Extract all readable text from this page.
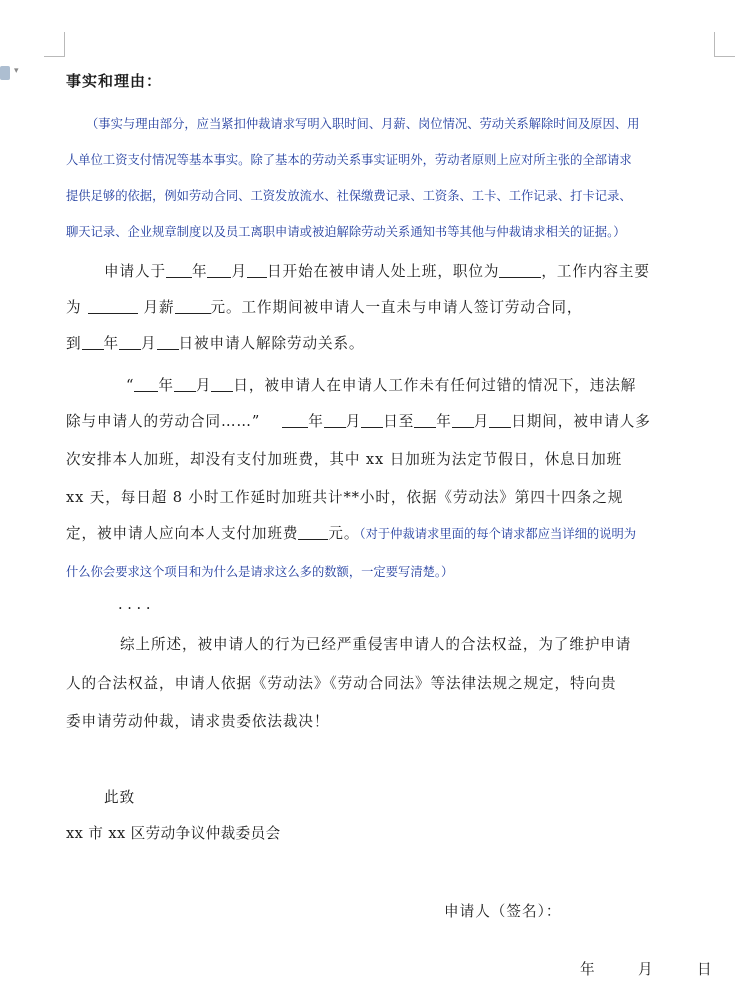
▾
事实和理由：
（事实与理由部分，应当紧扣仲裁请求写明入职时间、月薪、岗位情况、劳动关系解除时间及原因、用
人单位工资支付情况等基本事实。除了基本的劳动关系事实证明外，劳动者原则上应对所主张的全部请求
提供足够的依据，例如劳动合同、工资发放流水、社保缴费记录、工资条、工卡、工作记录、打卡记录、
聊天记录、企业规章制度以及员工离职申请或被迫解除劳动关系通知书等其他与仲裁请求相关的证据。）
申请人于 年 月 日开始在被申请人处上班，职位为	，工作内容主要
为	月薪 元。工作期间被申请人一直未与申请人签订劳动合同，
到 年 月 日被申请人解除劳动关系。
“ 年 月 日，被申请人在申请人工作未有任何过错的情况下，违法解
除与申请人的劳动合同……”	年 月 日至 年 月 日期间，被申请人多
次安排本人加班，却没有支付加班费，其中 xx 日加班为法定节假日，休息日加班
xx 天，每日超 8 小时工作延时加班共计**小时，依据《劳动法》第四十四条之规
定，被申请人应向本人支付加班费 元。（对于仲裁请求里面的每个请求都应当详细的说明为
什么你会要求这个项目和为什么是请求这么多的数额，一定要写清楚。）
· · · ·
综上所述，被申请人的行为已经严重侵害申请人的合法权益，为了维护申请
人的合法权益，申请人依据《劳动法》《劳动合同法》等法律法规之规定，特向贵
委申请劳动仲裁，请求贵委依法裁决！
此致
xx 市 xx 区劳动争议仲裁委员会
申请人（签名）：
年	月	日
